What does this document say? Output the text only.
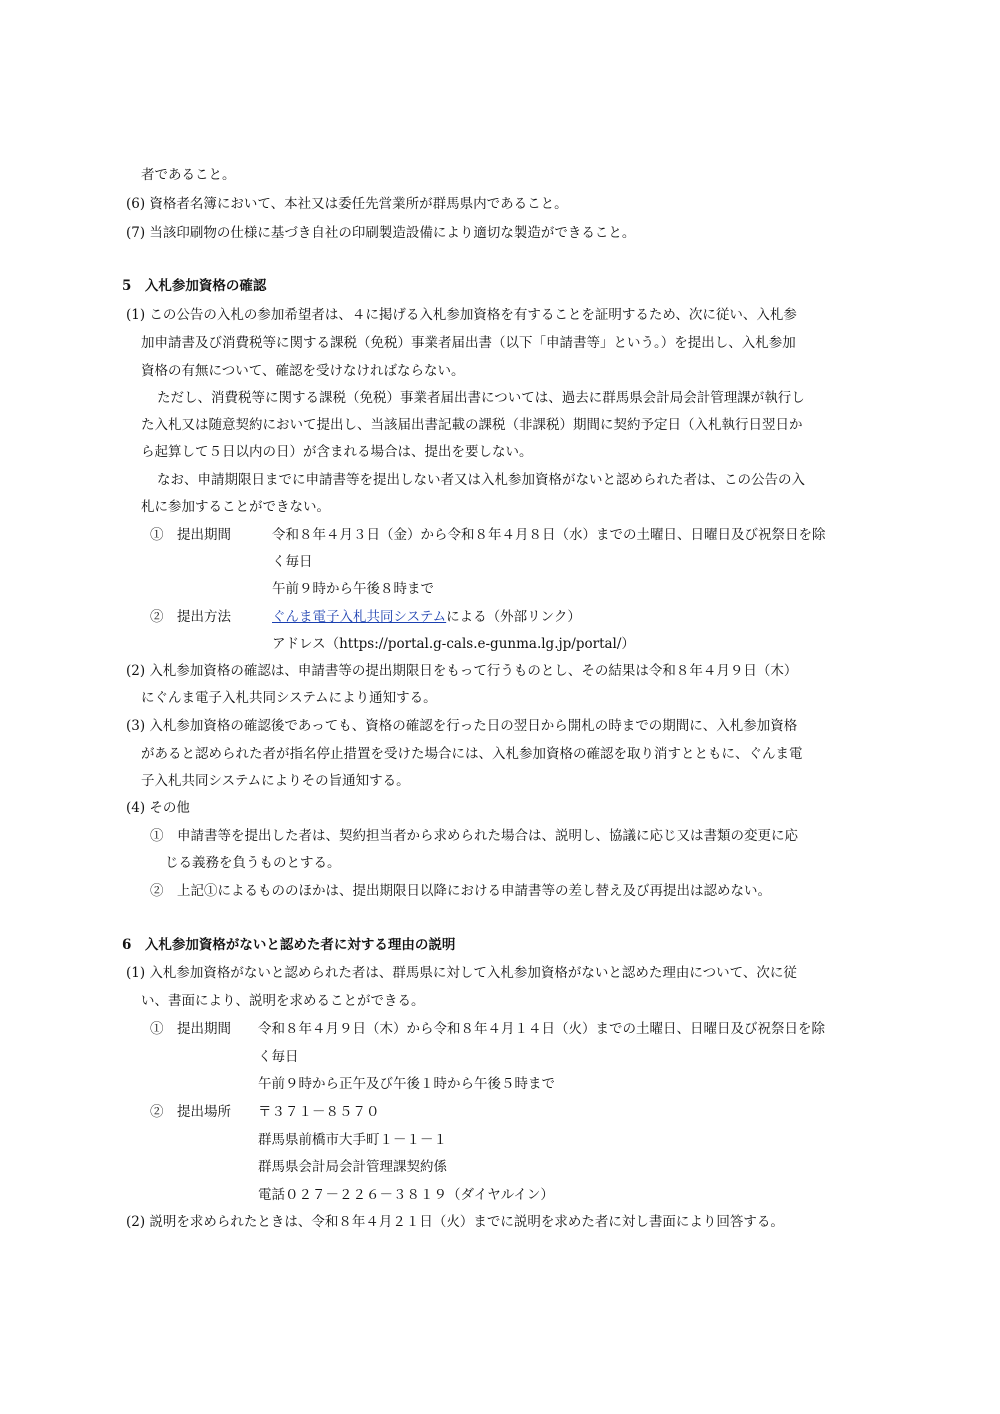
者であること。
(6) 資格者名簿において、本社又は委任先営業所が群馬県内であること。
(7) 当該印刷物の仕様に基づき自社の印刷製造設備により適切な製造ができること。
5　入札参加資格の確認
(1) この公告の入札の参加希望者は、４に掲げる入札参加資格を有することを証明するため、次に従い、入札参
加申請書及び消費税等に関する課税（免税）事業者届出書（以下「申請書等」という。）を提出し、入札参加
資格の有無について、確認を受けなければならない。
ただし、消費税等に関する課税（免税）事業者届出書については、過去に群馬県会計局会計管理課が執行し
た入札又は随意契約において提出し、当該届出書記載の課税（非課税）期間に契約予定日（入札執行日翌日か
ら起算して５日以内の日）が含まれる場合は、提出を要しない。
なお、申請期限日までに申請書等を提出しない者又は入札参加資格がないと認められた者は、この公告の入
札に参加することができない。
①　提出期間	令和８年４月３日（金）から令和８年４月８日（水）までの土曜日、日曜日及び祝祭日を除
く毎日
午前９時から午後８時まで
②　提出方法	ぐんま電子入札共同システムによる（外部リンク）
アドレス（https://portal.g-cals.e-gunma.lg.jp/portal/）
(2) 入札参加資格の確認は、申請書等の提出期限日をもって行うものとし、その結果は令和８年４月９日（木）
にぐんま電子入札共同システムにより通知する。
(3) 入札参加資格の確認後であっても、資格の確認を行った日の翌日から開札の時までの期間に、入札参加資格
があると認められた者が指名停止措置を受けた場合には、入札参加資格の確認を取り消すとともに、ぐんま電
子入札共同システムによりその旨通知する。
(4) その他
①　申請書等を提出した者は、契約担当者から求められた場合は、説明し、協議に応じ又は書類の変更に応
じる義務を負うものとする。
②　上記①によるもののほかは、提出期限日以降における申請書等の差し替え及び再提出は認めない。
6　入札参加資格がないと認めた者に対する理由の説明
(1) 入札参加資格がないと認められた者は、群馬県に対して入札参加資格がないと認めた理由について、次に従
い、書面により、説明を求めることができる。
①　提出期間 令和８年４月９日（木）から令和８年４月１４日（火）までの土曜日、日曜日及び祝祭日を除
く毎日
午前９時から正午及び午後１時から午後５時まで
②　提出場所 〒３７１－８５７０
群馬県前橋市大手町１－１－１
群馬県会計局会計管理課契約係
電話０２７－２２６－３８１９（ダイヤルイン）
(2) 説明を求められたときは、令和８年４月２１日（火）までに説明を求めた者に対し書面により回答する。
